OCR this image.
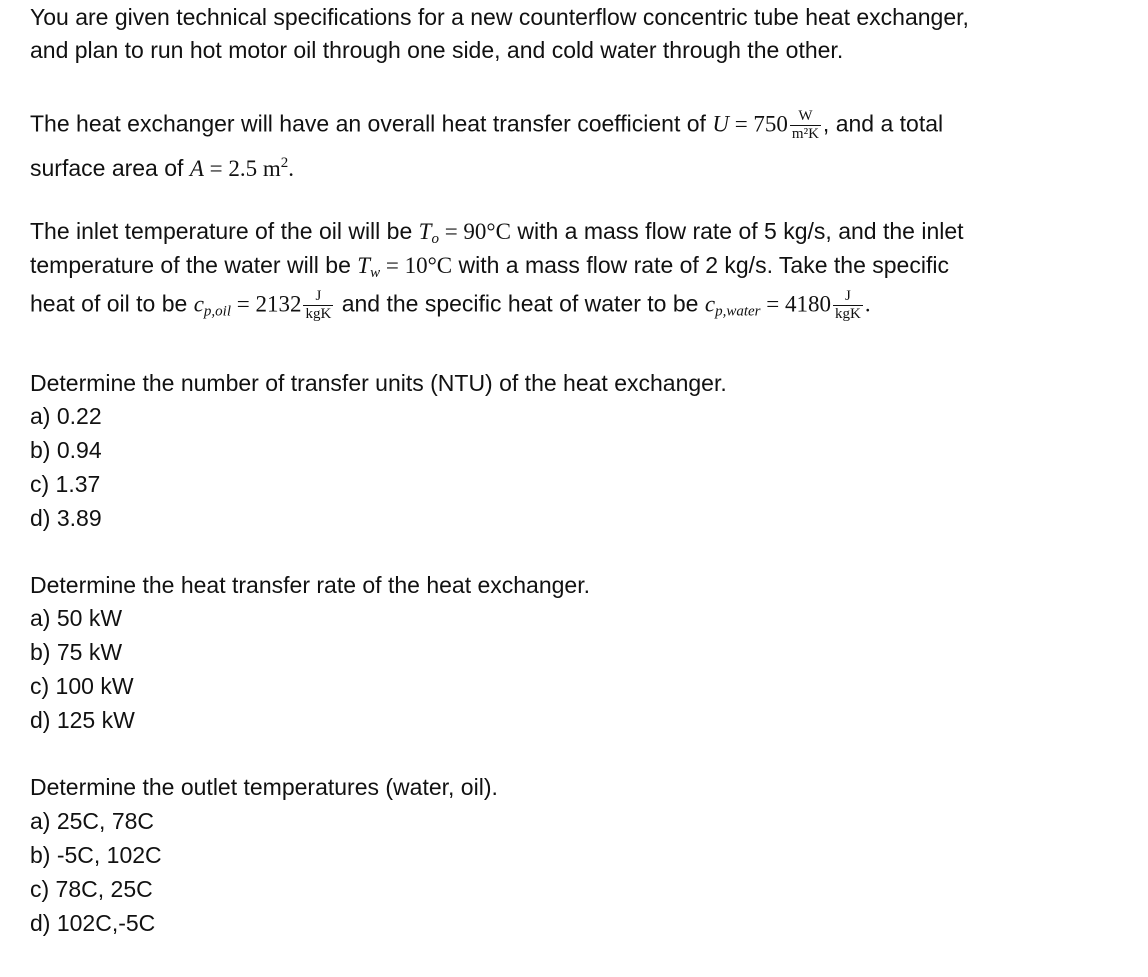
You are given technical specifications for a new counterflow concentric tube heat exchanger,
and plan to run hot motor oil through one side, and cold water through the other.
The heat exchanger will have an overall heat transfer coefficient of $U = 750 \frac{W}{\text{m²K}}$ , and a total
surface area of A = 2.5 $m^2$.
The inlet temperature of the oil will be $T_o = 90^\circ C$ with a mass flow rate of 5 kg/s, and the inlet
temperature of the water will be $T_w = 10^\circ C$ with a mass flow rate of 2 kg/s. Take the specific
heat of oil to be $c_{p,oil} = 2132 \frac{J}{\text{kgK}}$ and the specific heat of water to be $c_{p,water} = 4180 \frac{J}{\text{kgK}}$ .
Determine the number of transfer units (NTU) of the heat exchanger.
a) 0.22
b) 0.94
c) 1.37
d) 3.89
Determine the heat transfer rate of the heat exchanger.
a) 50 kW
b) 75 kW
c) 100 kW
d) 125 kW
Determine the outlet temperatures (water, oil).
a) 25C, 78C
b) -5C, 102C
c) 78C, 25C
d) 102C,-5C
